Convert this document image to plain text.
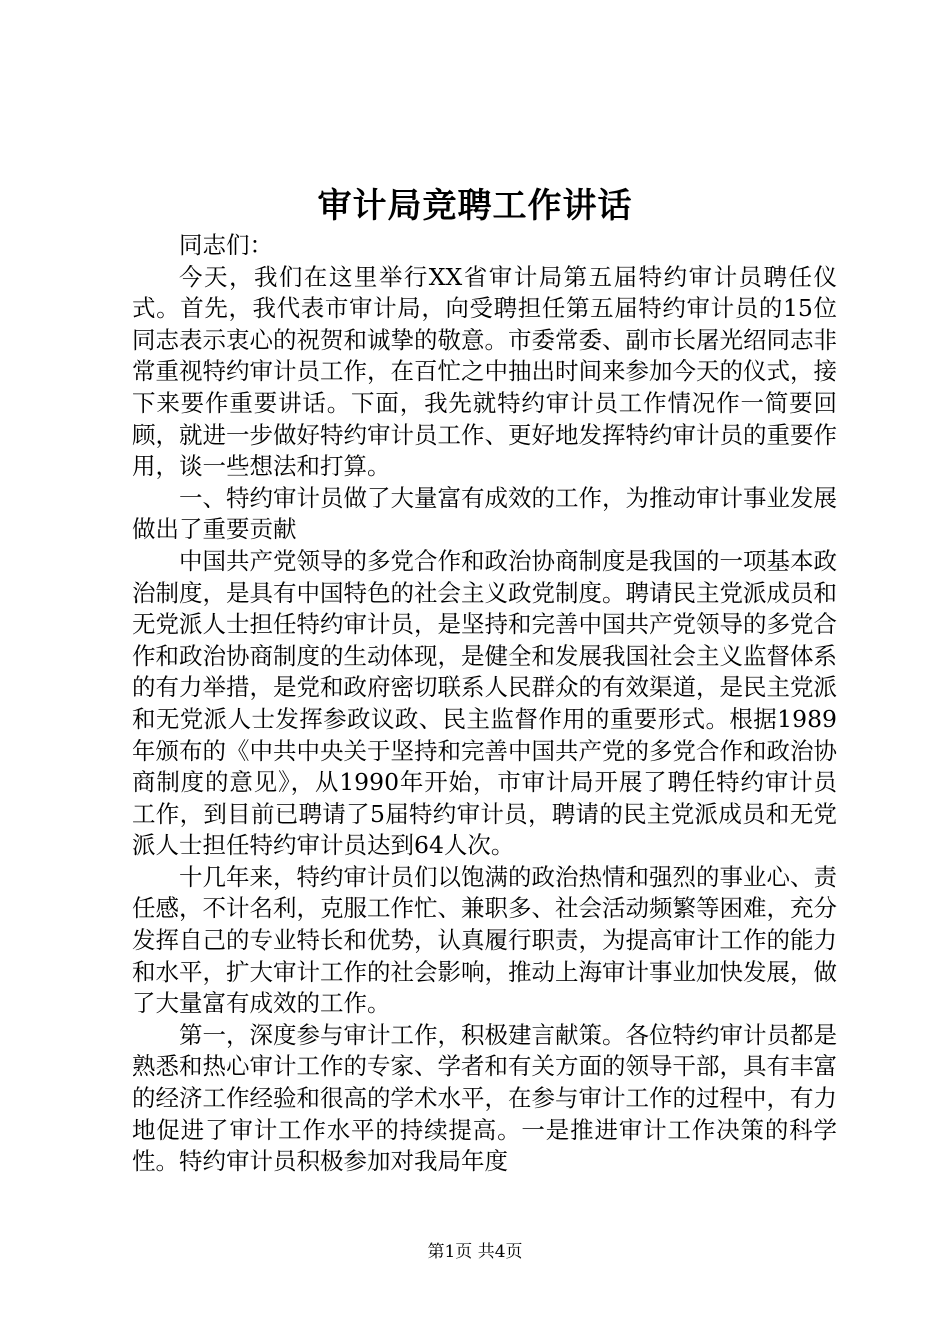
审计局竞聘工作讲话

同志们：

今天，我们在这里举行XX省审计局第五届特约审计员聘任仪式。首先，我代表市审计局，向受聘担任第五届特约审计员的15位同志表示衷心的祝贺和诚挚的敬意。市委常委、副市长屠光绍同志非常重视特约审计员工作，在百忙之中抽出时间来参加今天的仪式，接下来要作重要讲话。下面，我先就特约审计员工作情况作一简要回顾，就进一步做好特约审计员工作、更好地发挥特约审计员的重要作用，谈一些想法和打算。

一、特约审计员做了大量富有成效的工作，为推动审计事业发展做出了重要贡献

中国共产党领导的多党合作和政治协商制度是我国的一项基本政治制度，是具有中国特色的社会主义政党制度。聘请民主党派成员和无党派人士担任特约审计员，是坚持和完善中国共产党领导的多党合作和政治协商制度的生动体现，是健全和发展我国社会主义监督体系的有力举措，是党和政府密切联系人民群众的有效渠道，是民主党派和无党派人士发挥参政议政、民主监督作用的重要形式。根据1989年颁布的《中共中央关于坚持和完善中国共产党的多党合作和政治协商制度的意见》，从1990年开始，市审计局开展了聘任特约审计员工作，到目前已聘请了5届特约审计员，聘请的民主党派成员和无党派人士担任特约审计员达到64人次。

十几年来，特约审计员们以饱满的政治热情和强烈的事业心、责任感，不计名利，克服工作忙、兼职多、社会活动频繁等困难，充分发挥自己的专业特长和优势，认真履行职责，为提高审计工作的能力和水平，扩大审计工作的社会影响，推动上海审计事业加快发展，做了大量富有成效的工作。

第一，深度参与审计工作，积极建言献策。各位特约审计员都是熟悉和热心审计工作的专家、学者和有关方面的领导干部，具有丰富的经济工作经验和很高的学术水平，在参与审计工作的过程中，有力地促进了审计工作水平的持续提高。一是推进审计工作决策的科学性。特约审计员积极参加对我局年度

第1页 共4页
